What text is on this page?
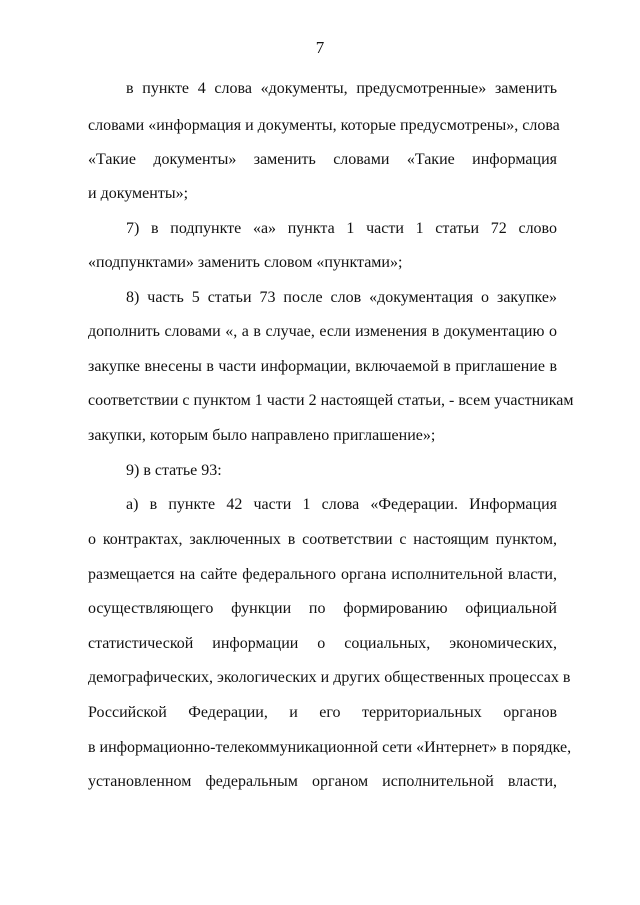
7
в пункте 4 слова «документы, предусмотренные» заменить
словами «информация и документы, которые предусмотрены», слова
«Такие документы» заменить словами «Такие информация
и документы»;
7) в подпункте «а» пункта 1 части 1 статьи 72 слово
«подпунктами» заменить словом «пунктами»;
8) часть 5 статьи 73 после слов «документация о закупке»
дополнить словами «, а в случае, если изменения в документацию о
закупке внесены в части информации, включаемой в приглашение в
соответствии с пунктом 1 части 2 настоящей статьи, - всем участникам
закупки, которым было направлено приглашение»;
9) в статье 93:
а) в пункте 42 части 1 слова «Федерации. Информация
о контрактах, заключенных в соответствии с настоящим пунктом,
размещается на сайте федерального органа исполнительной власти,
осуществляющего функции по формированию официальной
статистической информации о социальных, экономических,
демографических, экологических и других общественных процессах в
Российской Федерации, и его территориальных органов
в информационно-телекоммуникационной сети «Интернет» в порядке,
установленном федеральным органом исполнительной власти,
